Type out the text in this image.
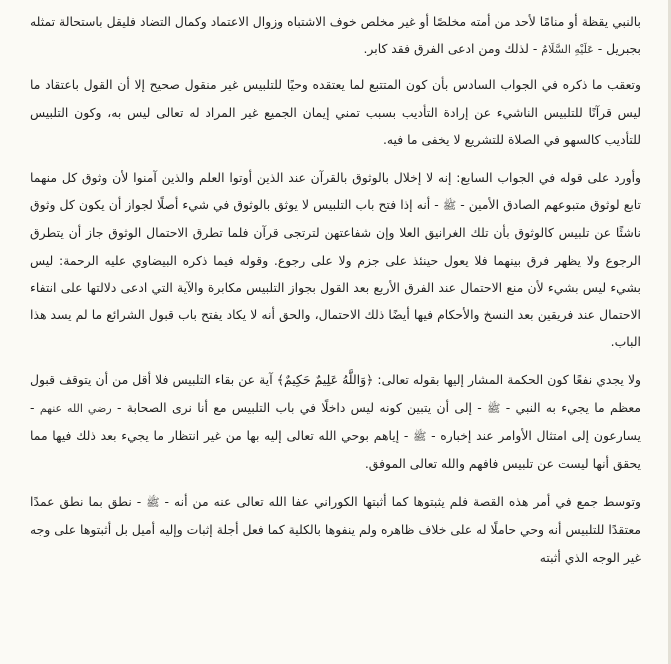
بالنبي يقظة أو منامًا لأحد من أمته مخلصًا أو غير مخلص خوف الاشتباه وزوال الاعتماد وكمال التضاد فليقل باستحالة تمثله بجبريل - عَلَيْهِ السَّلَامُ - لذلك ومن ادعى الفرق فقد كابر.

وتعقب ما ذكره في الجواب السادس بأن كون المتتبع لما يعتقده وحيًا للتلبيس غير منقول صحيح إلا أن القول باعتقاد ما ليس قرآنًا للتلبيس الناشيء عن إرادة التأديب بسبب تمني إيمان الجميع غير المراد له تعالى ليس به، وكون التلبيس للتأديب كالسهو في الصلاة للتشريع لا يخفى ما فيه.

وأورد على قوله في الجواب السابع: إنه لا إخلال بالوثوق بالقرآن عند الذين أوتوا العلم والذين آمنوا لأن وثوق كل منهما تابع لوثوق متبوعهم الصادق الأمين - ﷺ - أنه إذا فتح باب التلبيس لا يوثق بالوثوق في شيء أصلًا لجواز أن يكون كل وثوق ناشئًا عن تلبيس كالوثوق بأن تلك الغرانيق العلا وإن شفاعتهن لترتجى قرآن فلما تطرق الاحتمال الوثوق جاز أن يتطرق الرجوع ولا يظهر فرق بينهما فلا يعول حينئذ على جزم ولا على رجوع. وقوله فيما ذكره البيضاوي عليه الرحمة: ليس بشيء ليس بشيء لأن منع الاحتمال عند الفرق الأربع بعد القول بجواز التلبيس مكابرة والآية التي ادعى دلالتها على انتفاء الاحتمال عند فريقين بعد النسخ والأحكام فيها أيضًا ذلك الاحتمال، والحق أنه لا يكاد يفتح باب قبول الشرائع ما لم يسد هذا الباب.

ولا يجدي نفعًا كون الحكمة المشار إليها بقوله تعالى: ﴿وَاللَّهُ عَلِيمٌ حَكِيمٌ﴾ آية عن بقاء التلبيس فلا أقل من أن يتوقف قبول معظم ما يجيء به النبي - ﷺ - إلى أن يتبين كونه ليس داخلًا في باب التلبيس مع أنا نرى الصحابة - رضي الله عنهم - يسارعون إلى امتثال الأوامر عند إخباره - ﷺ - إياهم بوحي الله تعالى إليه بها من غير انتظار ما يجيء بعد ذلك فيها مما يحقق أنها ليست عن تلبيس فافهم والله تعالى الموفق.

وتوسط جمع في أمر هذه القصة فلم يثبتوها كما أثبتها الكوراني عفا الله تعالى عنه من أنه - ﷺ - نطق بما نطق عمدًا معتقدًا للتلبيس أنه وحي حاملًا له على خلاف ظاهره ولم ينفوها بالكلية كما فعل أجلة إثبات وإليه أميل بل أثبتوها على وجه غير الوجه الذي أثبته
